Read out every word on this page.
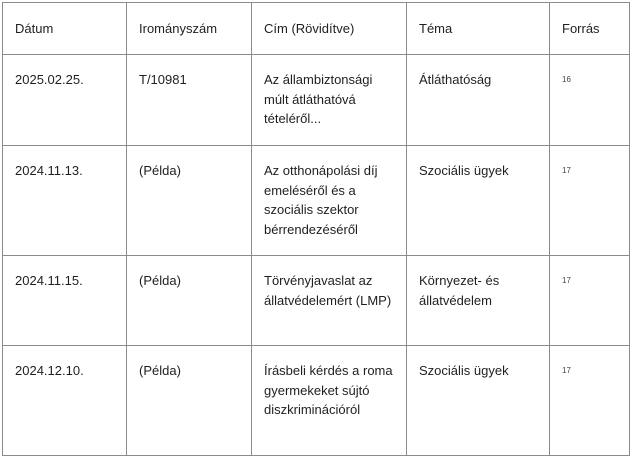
Dátum	Irományszám	Cím (Rövidítve)	Téma	Forrás
2025.02.25.	T/10981	Az állambiztonsági múlt átláthatóvá tételéről...	Átláthatóság	16
2024.11.13.	(Példa)	Az otthonápolási díj emeléséről és a szociális szektor bérrendezéséről	Szociális ügyek	17
2024.11.15.	(Példa)	Törvényjavaslat az állatvédelemért (LMP)	Környezet- és állatvédelem	17
2024.12.10.	(Példa)	Írásbeli kérdés a roma gyermekeket sújtó diszkriminációról	Szociális ügyek	17
